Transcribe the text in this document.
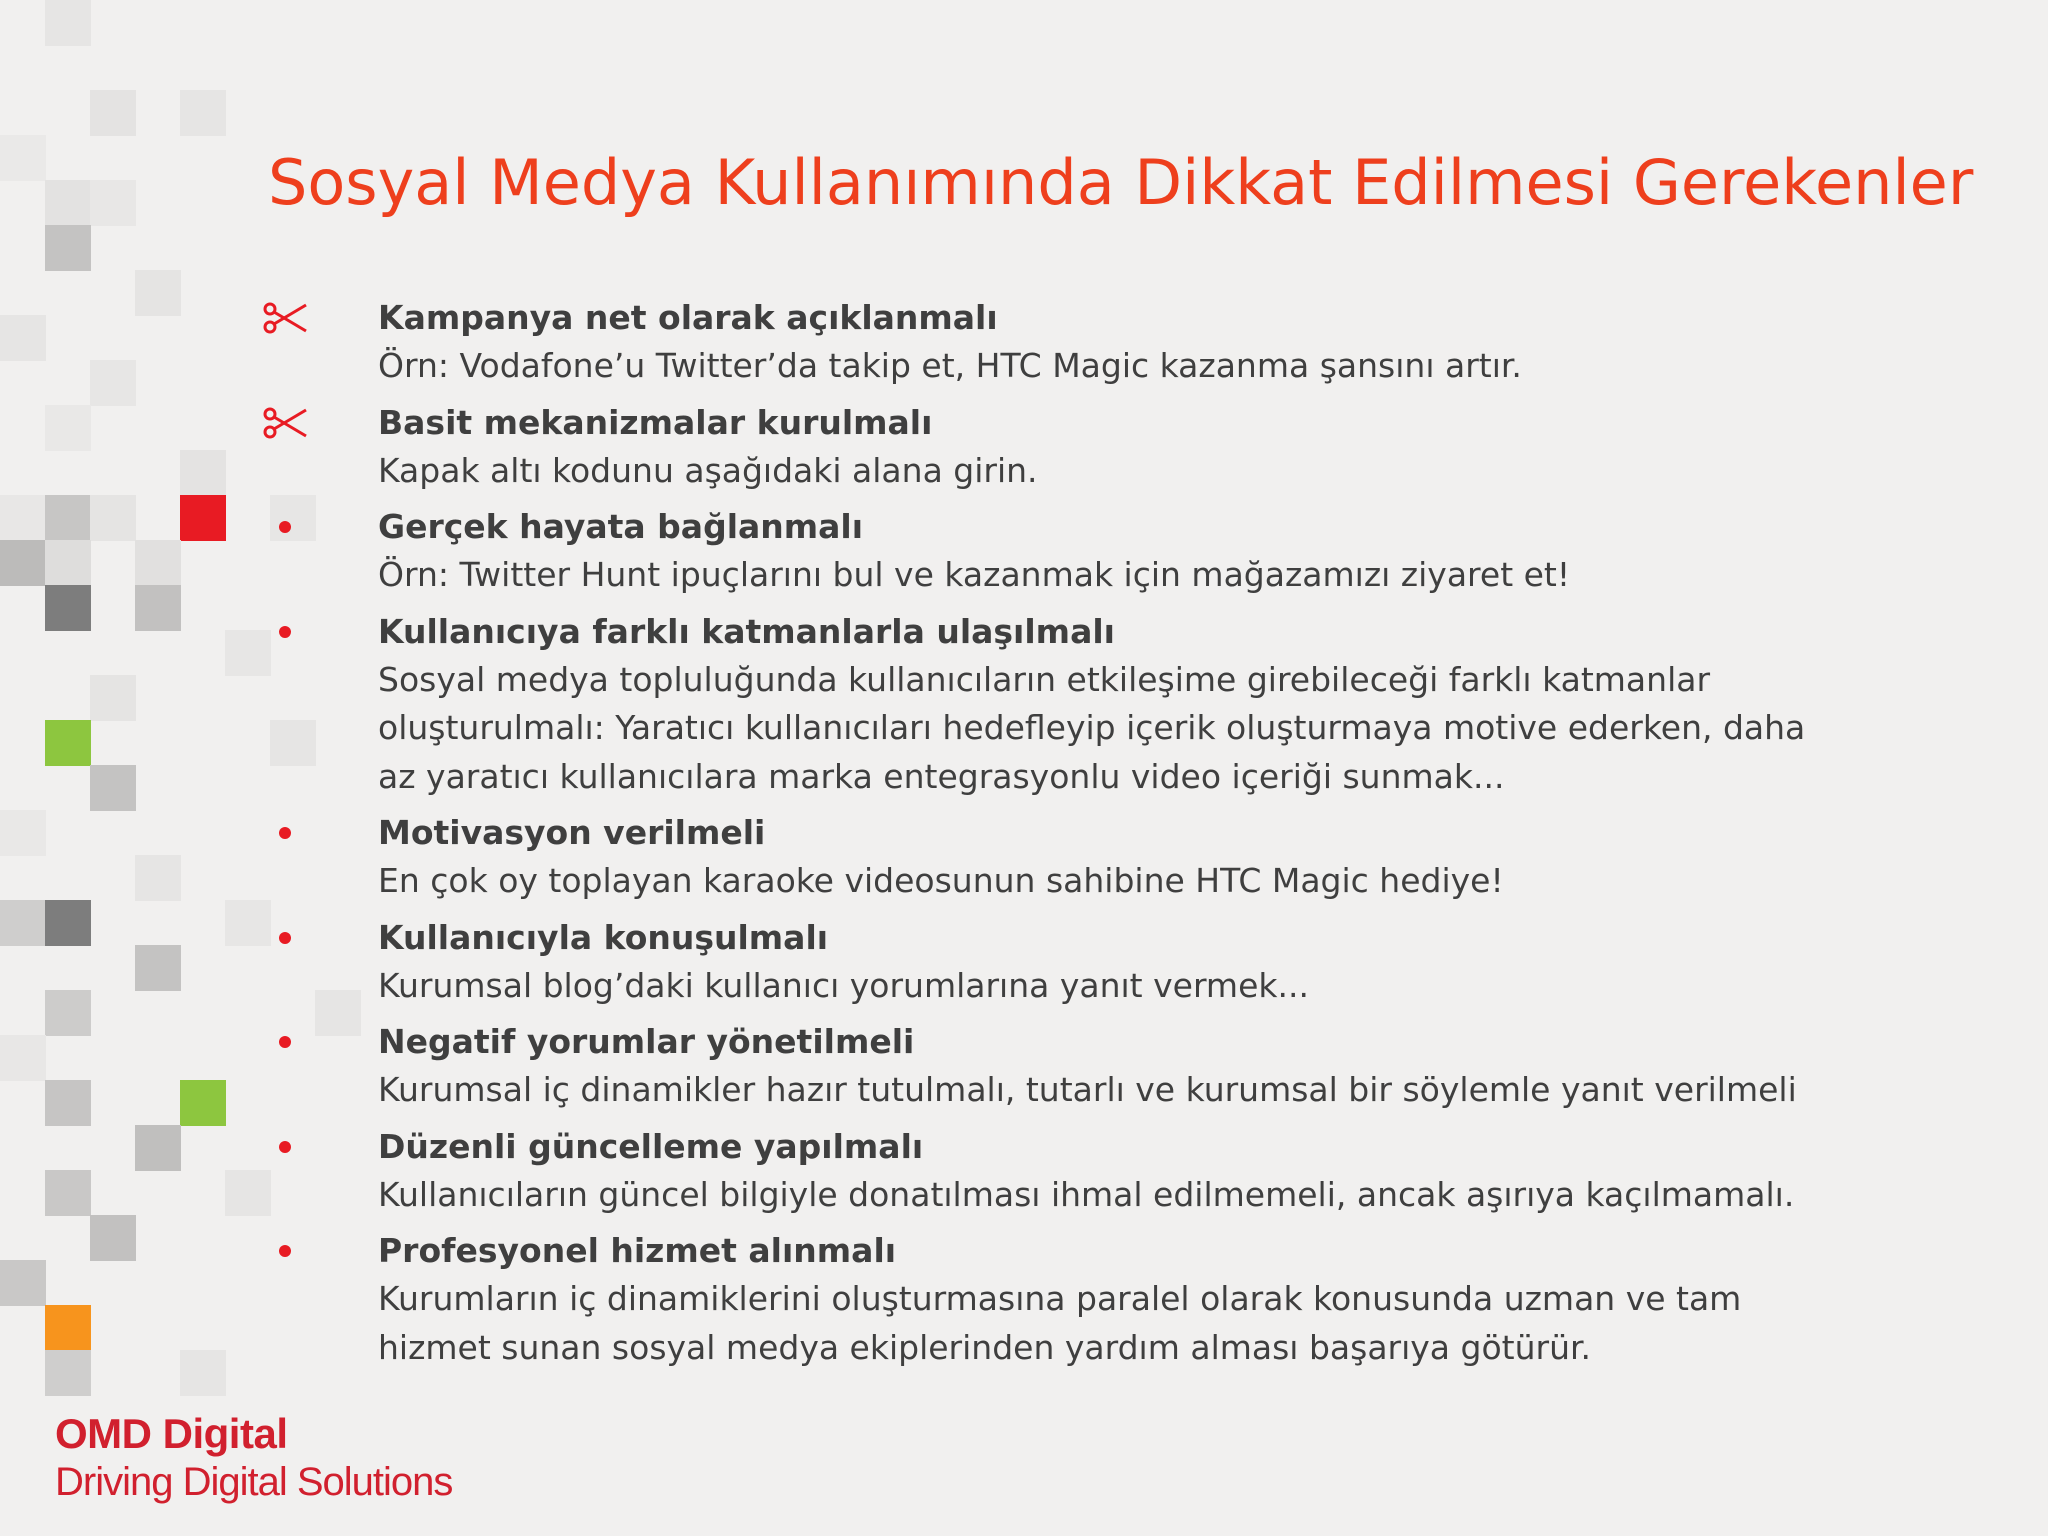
Sosyal Medya Kullanımında Dikkat Edilmesi Gerekenler
Kampanya net olarak açıklanmalı
Örn: Vodafone’u Twitter’da takip et, HTC Magic kazanma şansını artır.
Basit mekanizmalar kurulmalı
Kapak altı kodunu aşağıdaki alana girin.
Gerçek hayata bağlanmalı
Örn: Twitter Hunt ipuçlarını bul ve kazanmak için mağazamızı ziyaret et!
Kullanıcıya farklı katmanlarla ulaşılmalı
Sosyal medya topluluğunda kullanıcıların etkileşime girebileceği farklı katmanlar oluşturulmalı: Yaratıcı kullanıcıları hedefleyip içerik oluşturmaya motive ederken, daha az yaratıcı kullanıcılara marka entegrasyonlu video içeriği sunmak...
Motivasyon verilmeli
En çok oy toplayan karaoke videosunun sahibine HTC Magic hediye!
Kullanıcıyla konuşulmalı
Kurumsal blog’daki kullanıcı yorumlarına yanıt vermek...
Negatif yorumlar yönetilmeli
Kurumsal iç dinamikler hazır tutulmalı, tutarlı ve kurumsal bir söylemle yanıt verilmeli
Düzenli güncelleme yapılmalı
Kullanıcıların güncel bilgiyle donatılması ihmal edilmemeli, ancak aşırıya kaçılmamalı.
Profesyonel hizmet alınmalı
Kurumların iç dinamiklerini oluşturmasına paralel olarak konusunda uzman ve tam hizmet sunan sosyal medya ekiplerinden yardım alması başarıya götürür.
OMD Digital
Driving Digital Solutions
